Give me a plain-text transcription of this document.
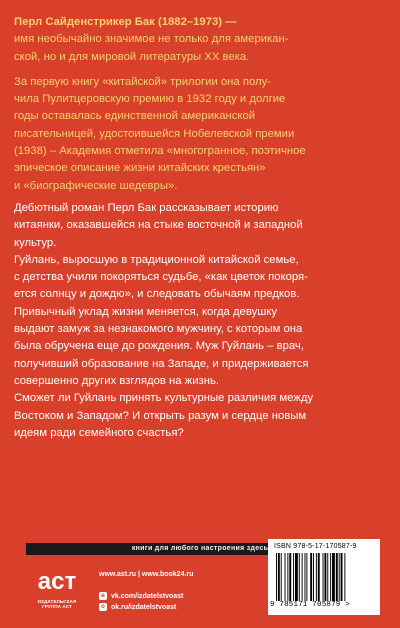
Перл Сайденстрикер Бак (1882–1973) —
имя необычайно значимое не только для американ-
ской, но и для мировой литературы XX века.

За первую книгу «китайской» трилогии она полу-
чила Пулитцеровскую премию в 1932 году и долгие
годы оставалась единственной американской
писательницей, удостоившейся Нобелевской премии
(1938) – Академия отметила «многогранное, поэтичное
эпическое описание жизни китайских крестьян»
и «биографические шедевры».

Дебютный роман Перл Бак рассказывает историю
китаянки, оказавшейся на стыке восточной и западной
культур.
Гуйлань, выросшую в традиционной китайской семье,
с детства учили покоряться судьбе, «как цветок покоря-
ется солнцу и дождю», и следовать обычаям предков.
Привычный уклад жизни меняется, когда девушку
выдают замуж за незнакомого мужчину, с которым она
была обручена еще до рождения. Муж Гуйлань – врач,
получивший образование на Западе, и придерживается
совершенно других взглядов на жизнь.
Сможет ли Гуйлань принять культурные различия между
Востоком и Западом? И открыть разум и сердце новым
идеям ради семейного счастья?

книги для любого настроения здесь
аст
ИЗДАТЕЛЬСКАЯ ГРУППА АСТ
www.ast.ru | www.book24.ru
в vk.com/izdatelstvoast
о ok.ru/izdatelstvoast
ISBN 978-5-17-170587-9
9 785171 705879 >
